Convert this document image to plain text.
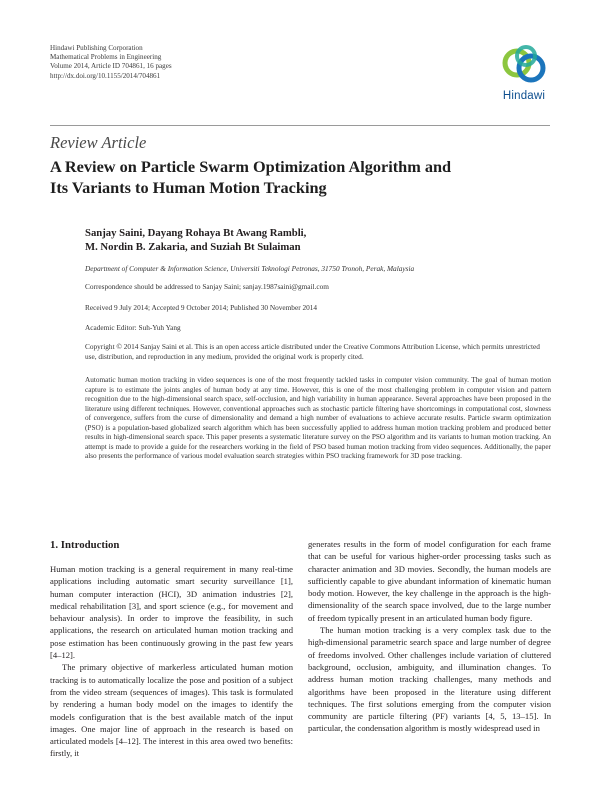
Hindawi Publishing Corporation
Mathematical Problems in Engineering
Volume 2014, Article ID 704861, 16 pages
http://dx.doi.org/10.1155/2014/704861
Hindawi
Review Article
A Review on Particle Swarm Optimization Algorithm and
Its Variants to Human Motion Tracking
Sanjay Saini, Dayang Rohaya Bt Awang Rambli,
M. Nordin B. Zakaria, and Suziah Bt Sulaiman
Department of Computer & Information Science, Universiti Teknologi Petronas, 31750 Tronoh, Perak, Malaysia
Correspondence should be addressed to Sanjay Saini; sanjay.1987saini@gmail.com
Received 9 July 2014; Accepted 9 October 2014; Published 30 November 2014
Academic Editor: Suh-Yuh Yang
Copyright © 2014 Sanjay Saini et al. This is an open access article distributed under the Creative Commons Attribution License, which permits unrestricted use, distribution, and reproduction in any medium, provided the original work is properly cited.
Automatic human motion tracking in video sequences is one of the most frequently tackled tasks in computer vision community. The goal of human motion capture is to estimate the joints angles of human body at any time. However, this is one of the most challenging problem in computer vision and pattern recognition due to the high-dimensional search space, self-occlusion, and high variability in human appearance. Several approaches have been proposed in the literature using different techniques. However, conventional approaches such as stochastic particle filtering have shortcomings in computational cost, slowness of convergence, suffers from the curse of dimensionality and demand a high number of evaluations to achieve accurate results. Particle swarm optimization (PSO) is a population-based globalized search algorithm which has been successfully applied to address human motion tracking problem and produced better results in high-dimensional search space. This paper presents a systematic literature survey on the PSO algorithm and its variants to human motion tracking. An attempt is made to provide a guide for the researchers working in the field of PSO based human motion tracking from video sequences. Additionally, the paper also presents the performance of various model evaluation search strategies within PSO tracking framework for 3D pose tracking.
1. Introduction

Human motion tracking is a general requirement in many real-time applications including automatic smart security surveillance [1], human computer interaction (HCI), 3D animation industries [2], medical rehabilitation [3], and sport science (e.g., for movement and behaviour analysis). In order to improve the feasibility, in such applications, the research on articulated human motion tracking and pose estimation has been continuously growing in the past few years [4–12].

The primary objective of markerless articulated human motion tracking is to automatically localize the pose and position of a subject from the video stream (sequences of images). This task is formulated by rendering a human body model on the images to identify the models configuration that is the best available match of the input images. One major line of approach in the research is based on articulated models [4–12]. The interest in this area owed two benefits: firstly, it

generates results in the form of model configuration for each frame that can be useful for various higher-order processing tasks such as character animation and 3D movies. Secondly, the human models are sufficiently capable to give abundant information of kinematic human body motion. However, the key challenge in the approach is the high-dimensionality of the search space involved, due to the large number of freedom typically present in an articulated human body figure.

The human motion tracking is a very complex task due to the high-dimensional parametric search space and large number of degree of freedoms involved. Other challenges include variation of cluttered background, occlusion, ambiguity, and illumination changes. To address human motion tracking challenges, many methods and algorithms have been proposed in the literature using different techniques. The first solutions emerging from the computer vision community are particle filtering (PF) variants [4, 5, 13–15]. In particular, the condensation algorithm is mostly widespread used in
